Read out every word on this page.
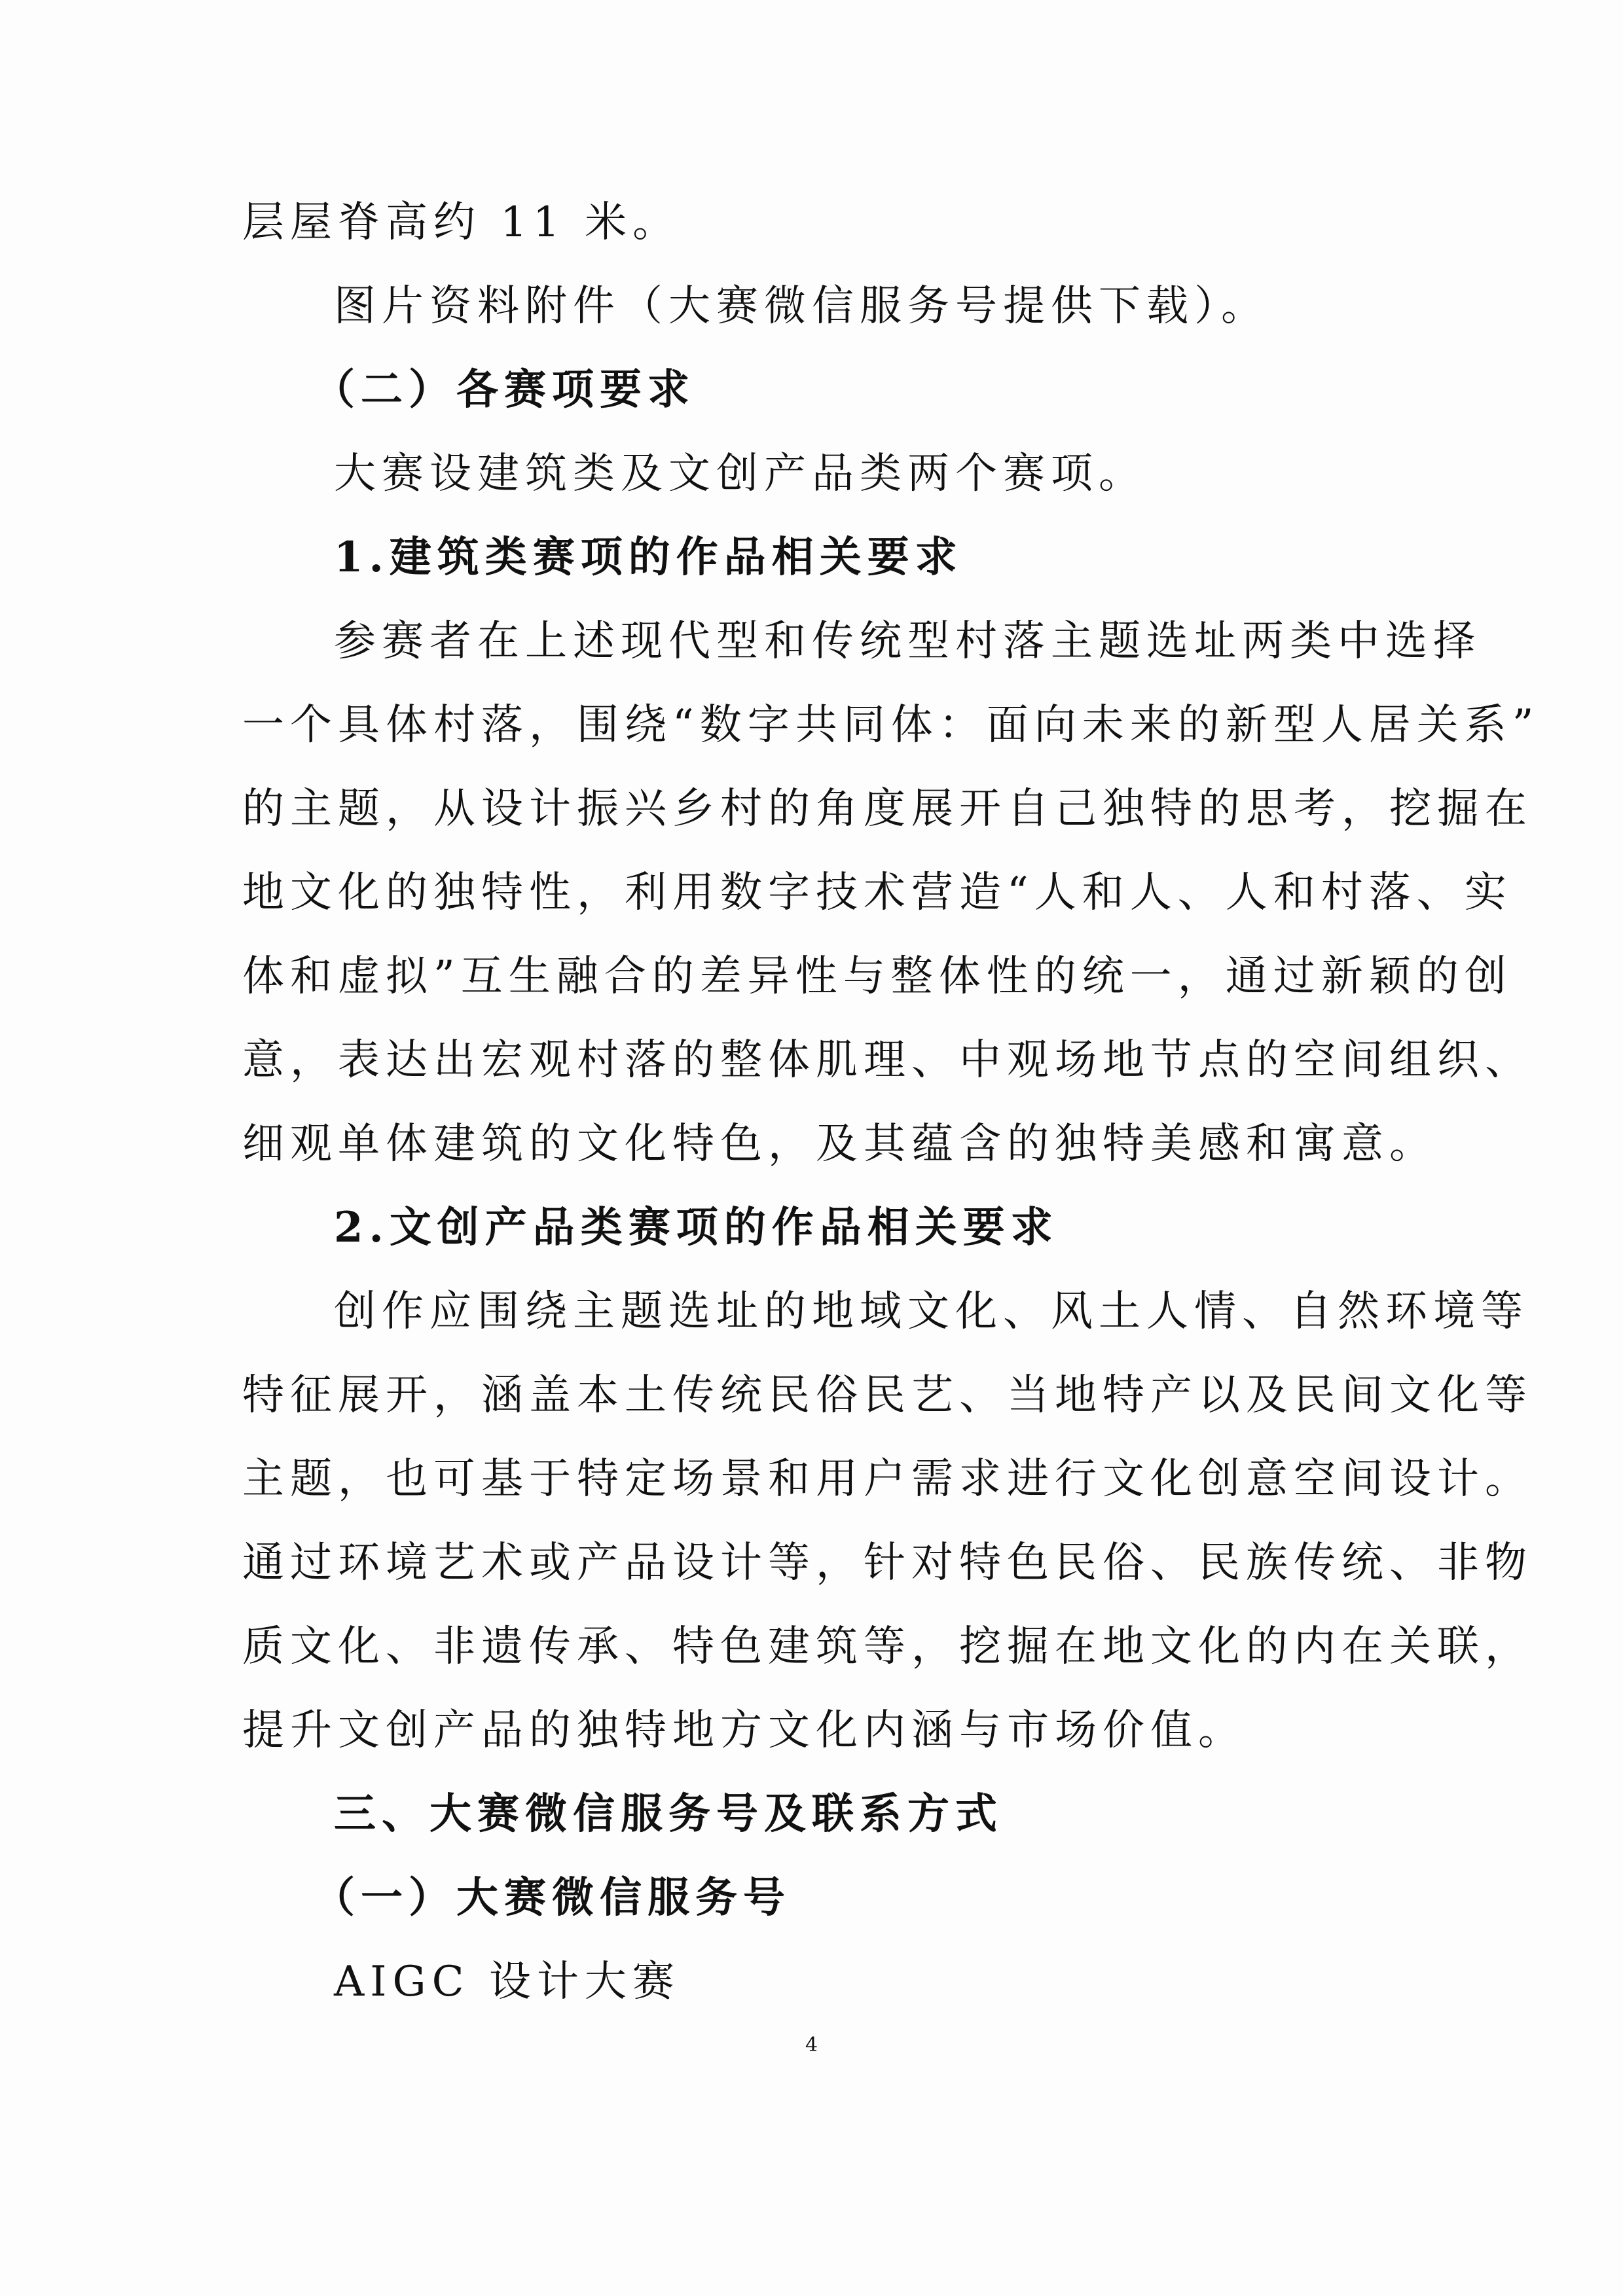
层屋脊高约 11 米。
图片资料附件（大赛微信服务号提供下载）。
（二）各赛项要求
大赛设建筑类及文创产品类两个赛项。
1.建筑类赛项的作品相关要求
参赛者在上述现代型和传统型村落主题选址两类中选择
一个具体村落，围绕“数字共同体：面向未来的新型人居关系”
的主题，从设计振兴乡村的角度展开自己独特的思考，挖掘在
地文化的独特性，利用数字技术营造“人和人、人和村落、实
体和虚拟”互生融合的差异性与整体性的统一，通过新颖的创
意，表达出宏观村落的整体肌理、中观场地节点的空间组织、
细观单体建筑的文化特色，及其蕴含的独特美感和寓意。
2.文创产品类赛项的作品相关要求
创作应围绕主题选址的地域文化、风土人情、自然环境等
特征展开，涵盖本土传统民俗民艺、当地特产以及民间文化等
主题，也可基于特定场景和用户需求进行文化创意空间设计。
通过环境艺术或产品设计等，针对特色民俗、民族传统、非物
质文化、非遗传承、特色建筑等，挖掘在地文化的内在关联，
提升文创产品的独特地方文化内涵与市场价值。
三、大赛微信服务号及联系方式
（一）大赛微信服务号
AIGC 设计大赛
4
